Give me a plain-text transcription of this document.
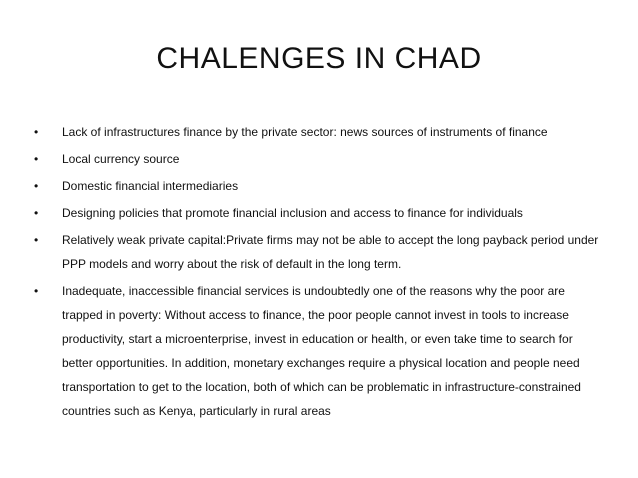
CHALENGES IN CHAD
•	Lack of infrastructures finance by the private sector: news sources of instruments of finance
•	Local currency source
•	Domestic financial intermediaries
•	Designing policies that promote financial inclusion and access to finance for individuals
•	Relatively weak private capital:Private firms may not be able to accept the long payback period under PPP models and worry about the risk of default in the long term.
•	Inadequate, inaccessible financial services is undoubtedly one of the reasons why the poor are trapped in poverty: Without access to finance, the poor people cannot invest in tools to increase productivity, start a microenterprise, invest in education or health, or even take time to search for better opportunities. In addition, monetary exchanges require a physical location and people need transportation to get to the location, both of which can be problematic in infrastructure-constrained countries such as Kenya, particularly in rural areas
